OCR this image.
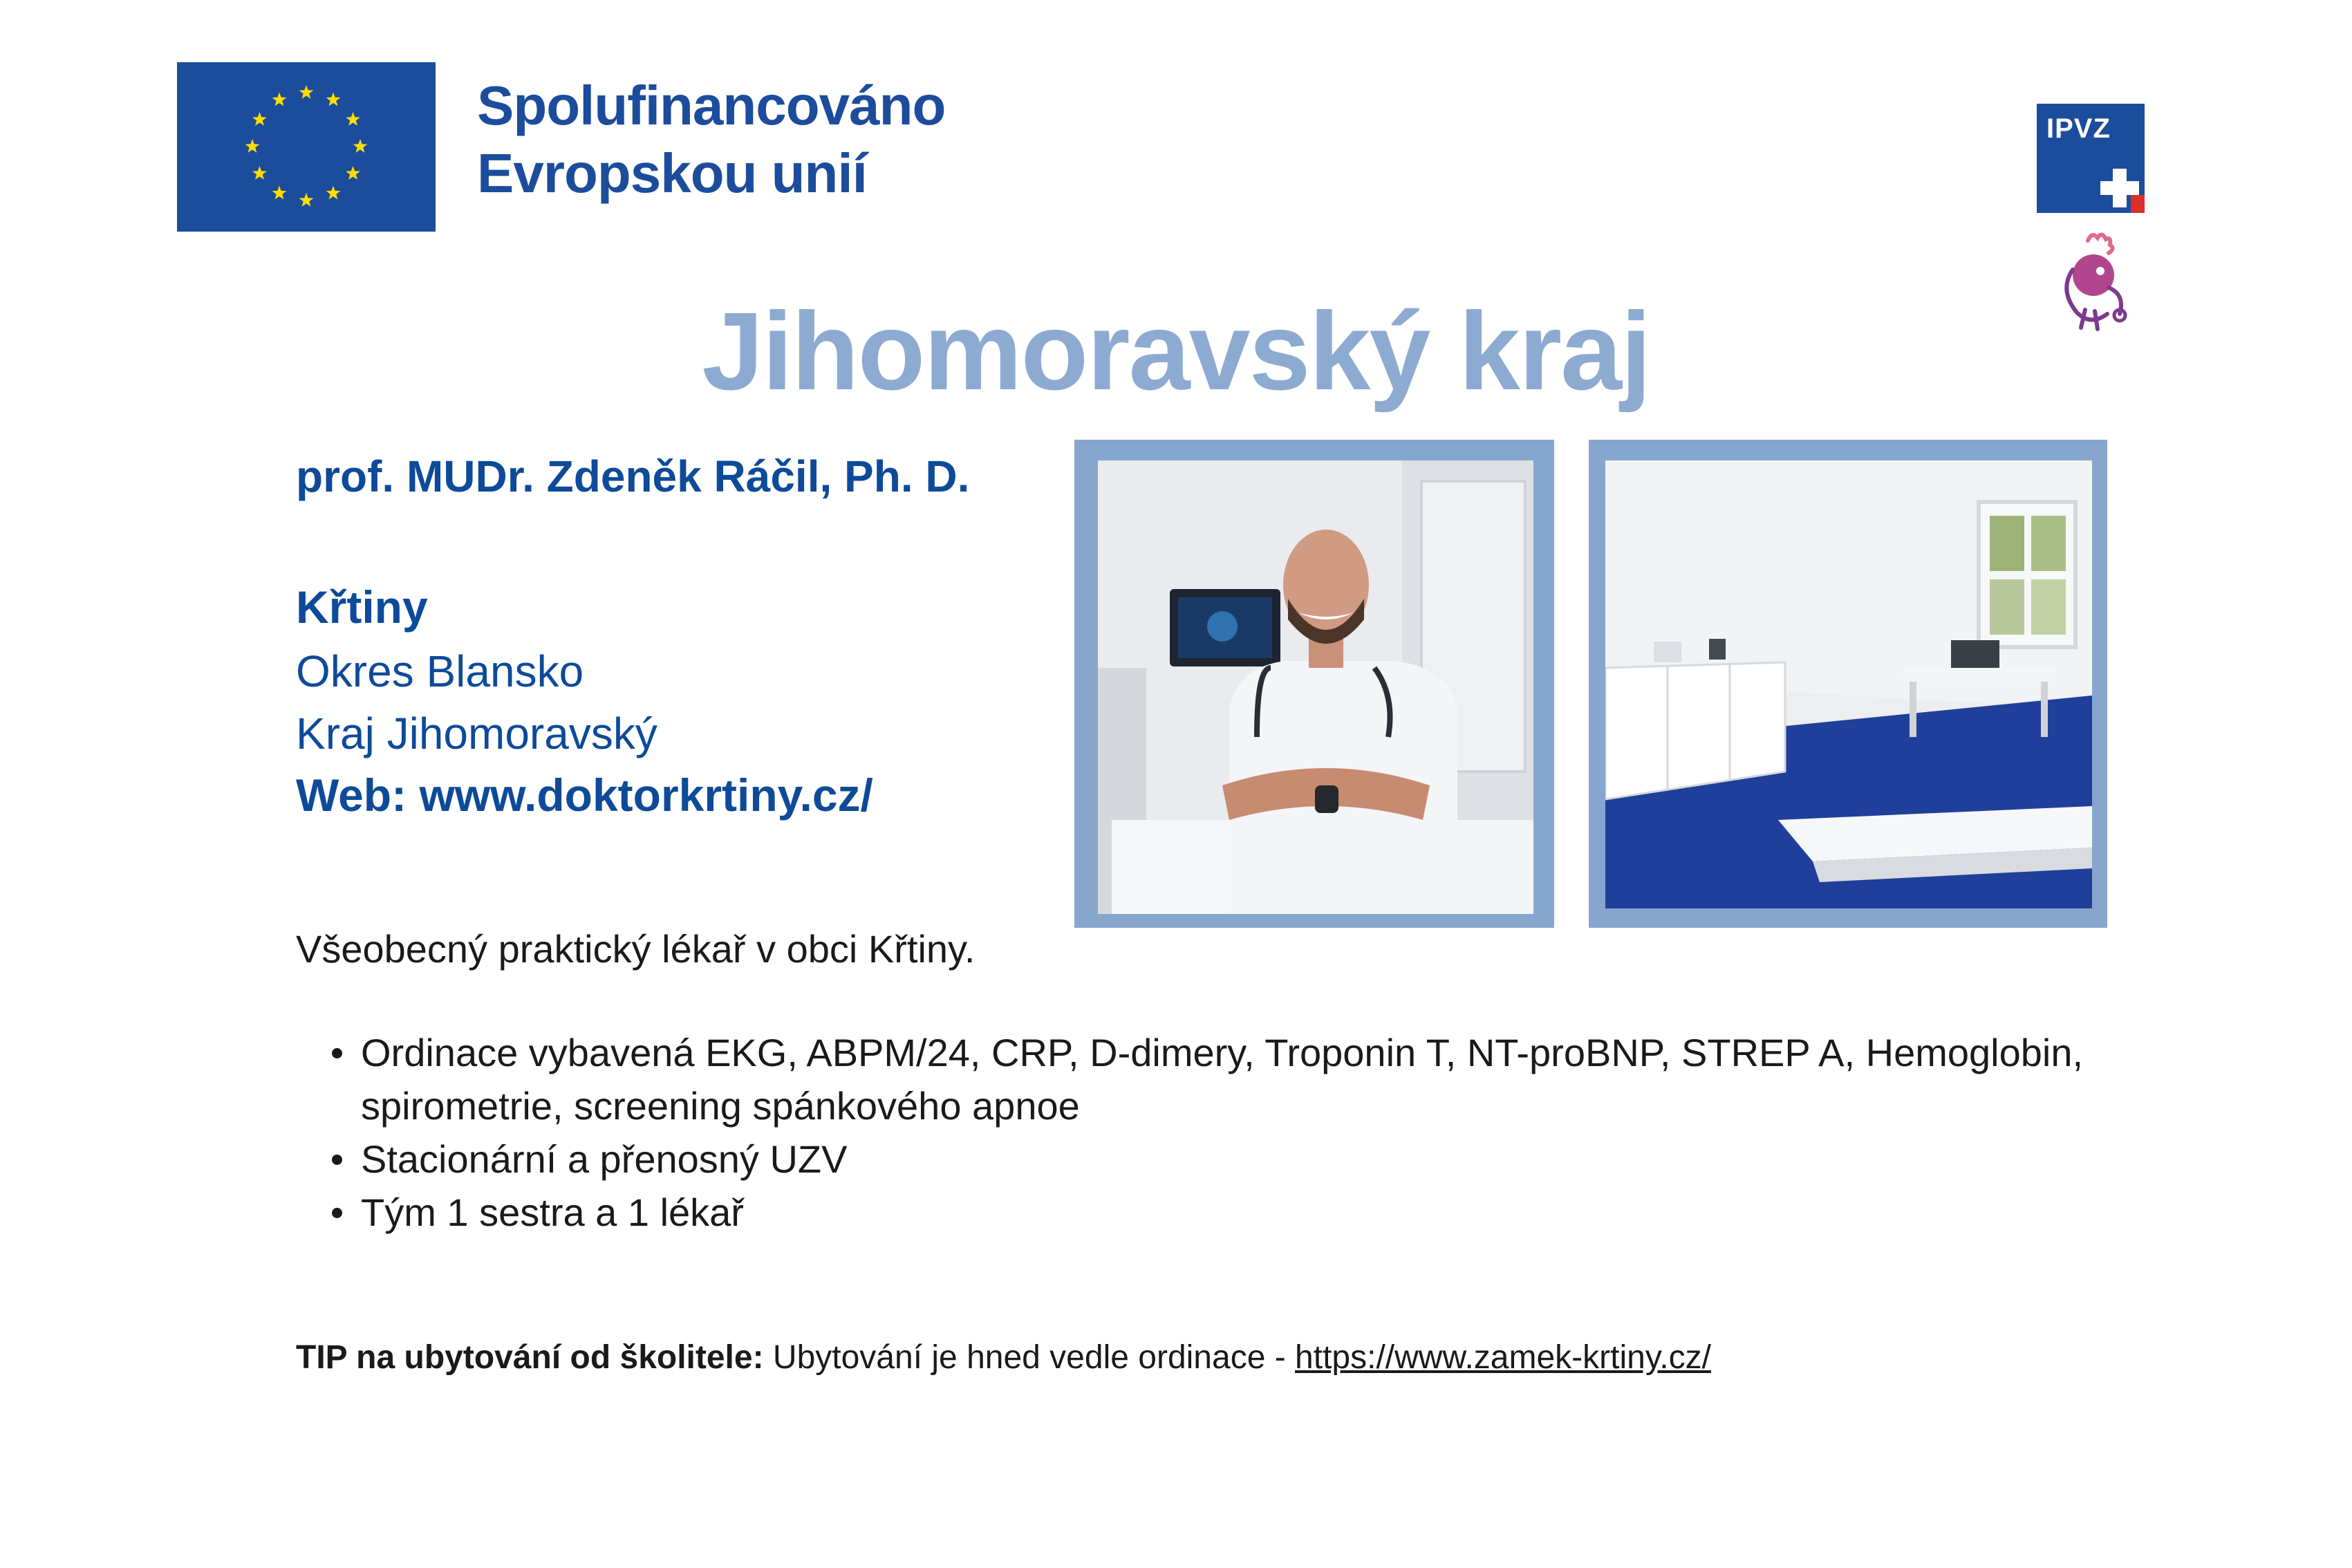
Spolufinancováno
Evropskou unií
IPVZ
Jihomoravský kraj
prof. MUDr. Zdeněk Ráčil, Ph. D.
Křtiny
Okres Blansko
Kraj Jihomoravský
Web: www.doktorkrtiny.cz/
Všeobecný praktický lékař v obci Křtiny.
Ordinace vybavená EKG, ABPM/24, CRP, D-dimery, Troponin T, NT-proBNP, STREP A, Hemoglobin, spirometrie, screening spánkového apnoe
Stacionární a přenosný UZV
Tým 1 sestra a 1 lékař
TIP na ubytování od školitele: Ubytování je hned vedle ordinace - https://www.zamek-krtiny.cz/
